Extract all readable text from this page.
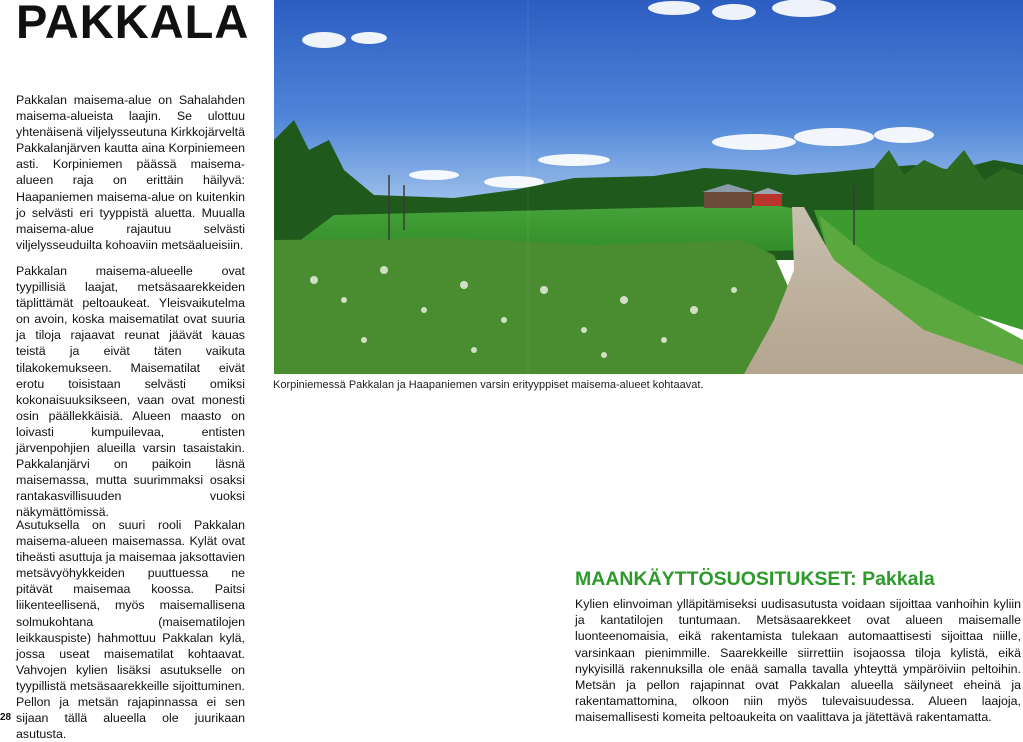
PAKKALA

Pakkalan maisema-alue on Sahalahden maisema-alueista laajin. Se ulottuu yhtenäisenä viljelysseutuna Kirkkojärveltä Pakkalanjärven kautta aina Korpiniemeen asti. Korpiniemen päässä maisema-alueen raja on erittäin häilyvä: Haapaniemen maisema-alue on kuitenkin jo selvästi eri tyyppistä aluetta. Muualla maisema-alue rajautuu selvästi viljelysseuduilta kohoaviin metsäalueisiin.

Pakkalan maisema-alueelle ovat tyypillisiä laajat, metsäsaarekkeiden täplittämät peltoaukeat. Yleisvaikutelma on avoin, koska maisematilat ovat suuria ja tiloja rajaavat reunat jäävät kauas teistä ja eivät täten vaikuta tilakokemukseen. Maisematilat eivät erotu toisistaan selvästi omiksi kokonaisuuksikseen, vaan ovat monesti osin päällekkäisiä. Alueen maasto on loivasti kumpuilevaa, entisten järvenpohjien alueilla varsin tasaistakin. Pakkalanjärvi on paikoin läsnä maisemassa, mutta suurimmaksi osaksi rantakasvillisuuden vuoksi näkymättömissä.

Asutuksella on suuri rooli Pakkalan maisema-alueen maisemassa. Kylät ovat tiheästi asuttuja ja maisemaa jaksottavien metsävyöhykkeiden puuttuessa ne pitävät maisemaa koossa. Paitsi liikenteellisenä, myös maisemallisena solmukohtana (maisematilojen leikkauspiste) hahmottuu Pakkalan kylä, jossa useat maisematilat kohtaavat. Vahvojen kylien lisäksi asutukselle on tyypillistä metsäsaarekkeille sijoittuminen. Pellon ja metsän rajapinnassa ei sen sijaan tällä alueella ole juurikaan asutusta.

28
Korpiniemessä Pakkalan ja Haapaniemen varsin erityyppiset maisema-alueet kohtaavat.
MAANKÄYTTÖSUOSITUKSET: Pakkala

Kylien elinvoiman ylläpitämiseksi uudisasutusta voidaan sijoittaa vanhoihin kyliin ja kantatilojen tuntumaan. Metsäsaarekkeet ovat alueen maisemalle luonteenomaisia, eikä rakentamista tulekaan automaattisesti sijoittaa niille, varsinkaan pienimmille. Saarekkeille siirrettiin isojaossa tiloja kylistä, eikä nykyisillä rakennuksilla ole enää samalla tavalla yhteyttä ympäröiviin peltoihin. Metsän ja pellon rajapinnat ovat Pakkalan alueella säilyneet eheinä ja rakentamattomina, olkoon niin myös tulevaisuudessa. Alueen laajoja, maisemallisesti komeita peltoaukeita on vaalittava ja jätettävä rakentamatta.
